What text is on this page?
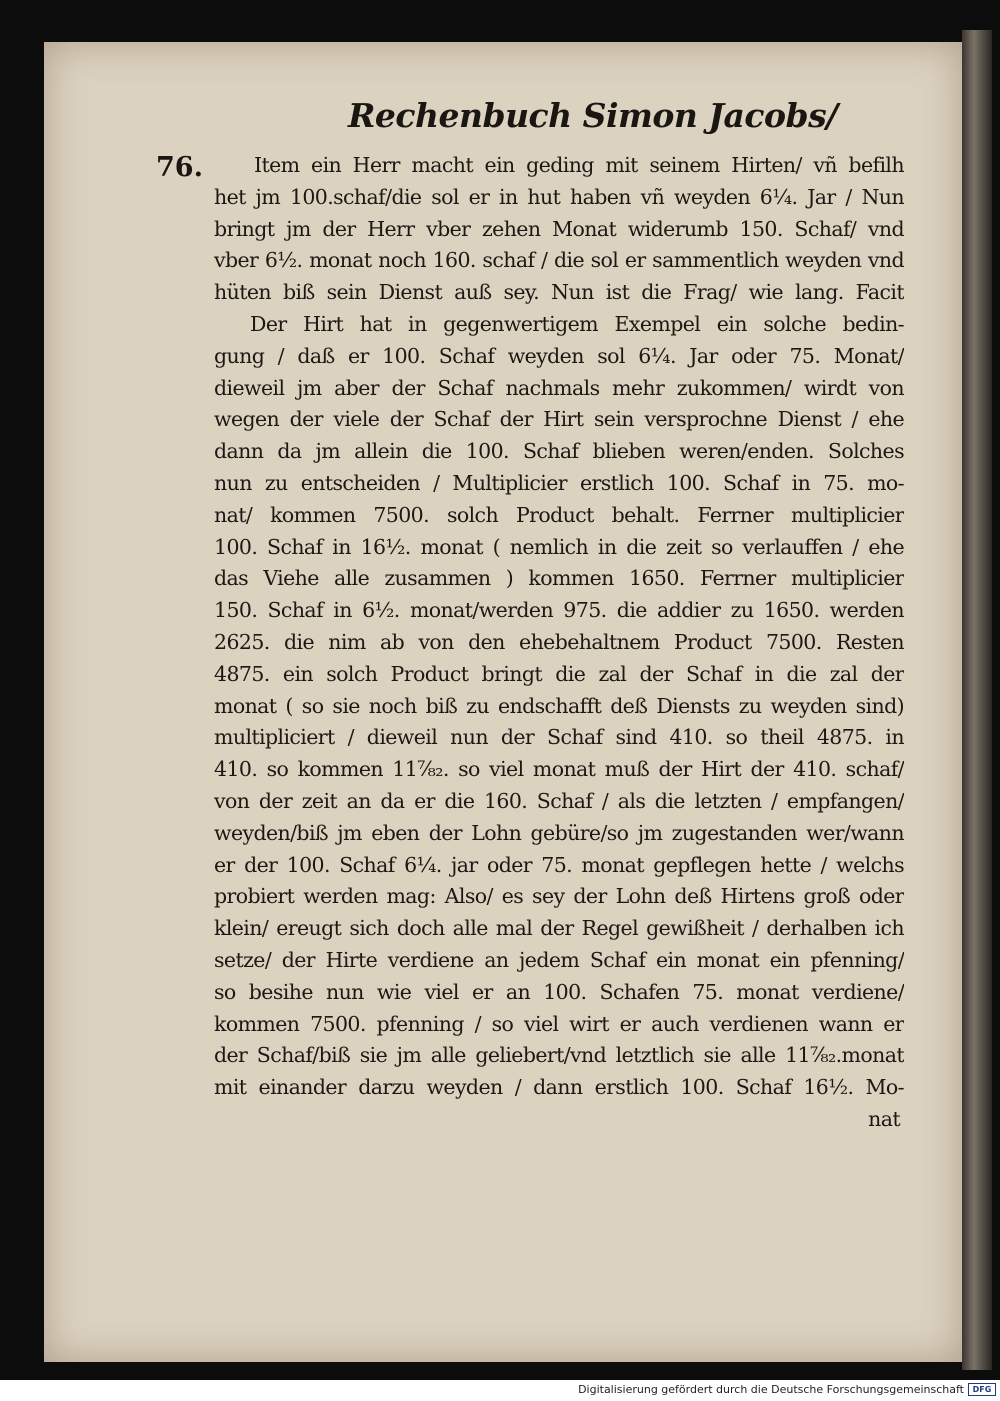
Rechenbuch Simon Jacobs/
76.	Item ein Herr macht ein geding mit seinem Hirten/ vñ befilh
het jm 100.schaf/die sol er in hut haben vñ weyden 6¼. Jar / Nun
bringt jm der Herr vber zehen Monat widerumb 150. Schaf/ vnd
vber 6½. monat noch 160. schaf / die sol er sammentlich weyden vnd
hüten biß sein Dienst auß sey. Nun ist die Frag/ wie lang. Facit
Der Hirt hat in gegenwertigem Exempel ein solche bedin-
gung / daß er 100. Schaf weyden sol 6¼. Jar oder 75. Monat/
dieweil jm aber der Schaf nachmals mehr zukommen/ wirdt von
wegen der viele der Schaf der Hirt sein versprochne Dienst / ehe
dann da jm allein die 100. Schaf blieben weren/enden. Solches
nun zu entscheiden / Multiplicier erstlich 100. Schaf in 75. mo-
nat/ kommen 7500. solch Product behalt. Ferrner multiplicier
100. Schaf in 16½. monat ( nemlich in die zeit so verlauffen / ehe
das Viehe alle zusammen ) kommen 1650. Ferrner multiplicier
150. Schaf in 6½. monat/werden 975. die addier zu 1650. werden
2625. die nim ab von den ehebehaltnem Product 7500. Resten
4875. ein solch Product bringt die zal der Schaf in die zal der
monat ( so sie noch biß zu endschafft deß Diensts zu weyden sind)
multipliciert / dieweil nun der Schaf sind 410. so theil 4875. in
410. so kommen 11⁷⁄₈₂. so viel monat muß der Hirt der 410. schaf/
von der zeit an da er die 160. Schaf / als die letzten / empfangen/
weyden/biß jm eben der Lohn gebüre/so jm zugestanden wer/wann
er der 100. Schaf 6¼. jar oder 75. monat gepflegen hette / welchs
probiert werden mag: Also/ es sey der Lohn deß Hirtens groß oder
klein/ ereugt sich doch alle mal der Regel gewißheit / derhalben ich
setze/ der Hirte verdiene an jedem Schaf ein monat ein pfenning/
so besihe nun wie viel er an 100. Schafen 75. monat verdiene/
kommen 7500. pfenning / so viel wirt er auch verdienen wann er
der Schaf/biß sie jm alle geliebert/vnd letztlich sie alle 11⁷⁄₈₂.monat
mit einander darzu weyden / dann erstlich 100. Schaf 16½. Mo-
nat
Digitalisierung gefördert durch die Deutsche Forschungsgemeinschaft	DFG
